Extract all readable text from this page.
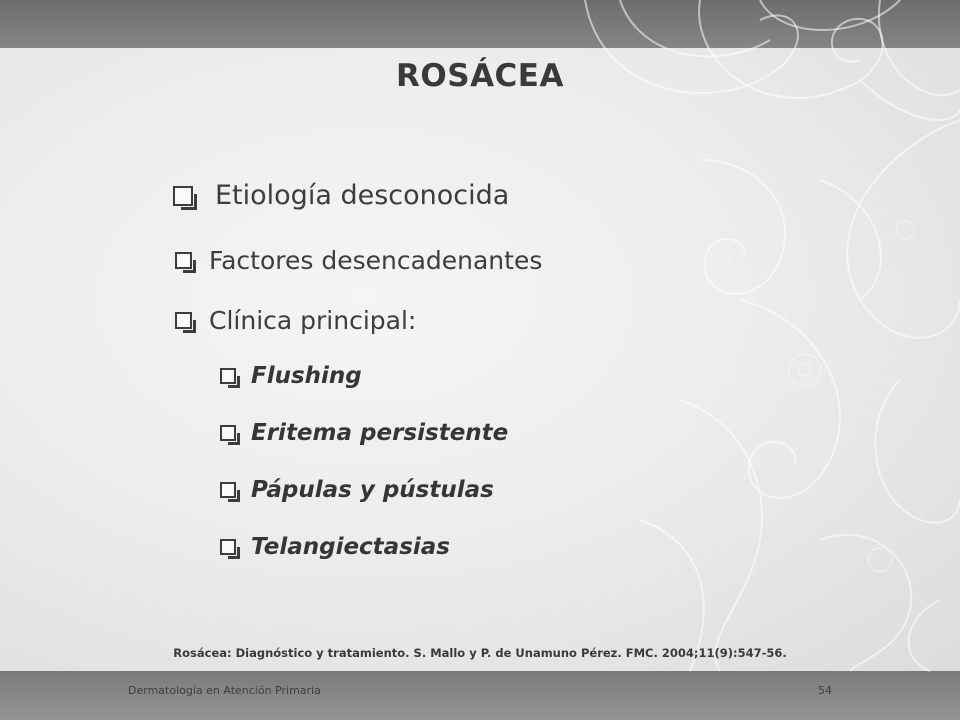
ROSÁCEA
Etiología desconocida
Factores desencadenantes
Clínica principal:
Flushing
Eritema persistente
Pápulas y pústulas
Telangiectasias
Rosácea: Diagnóstico y tratamiento. S. Mallo y P. de Unamuno Pérez. FMC. 2004;11(9):547-56.
Dermatología en Atención Primaria	54
